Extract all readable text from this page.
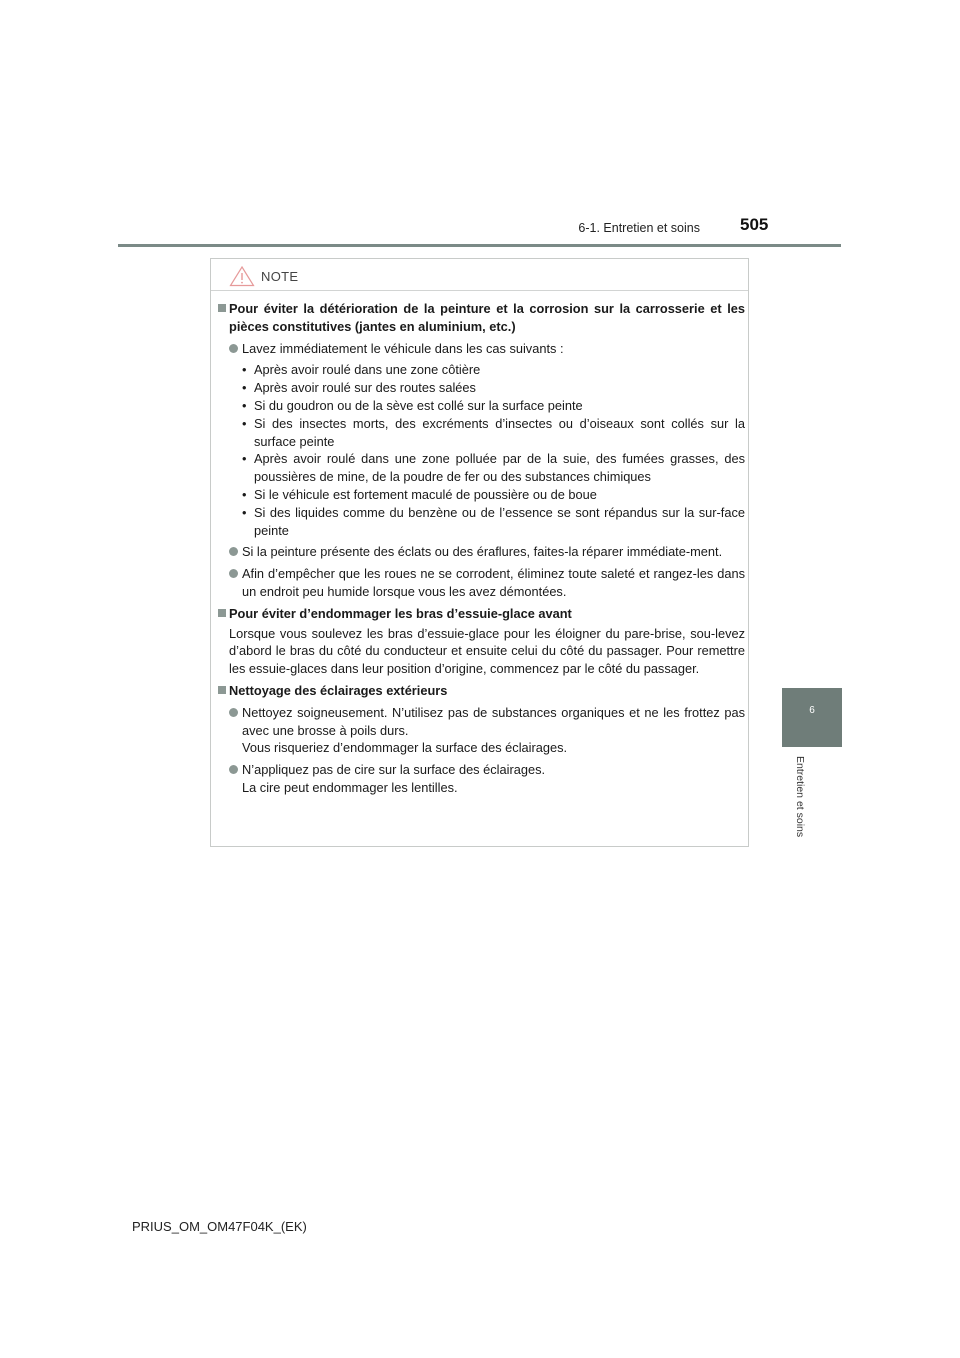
6-1. Entretien et soins 505
6
Entretien et soins
NOTE
Pour éviter la détérioration de la peinture et la corrosion sur la carrosserie et les pièces constitutives (jantes en aluminium, etc.)
Lavez immédiatement le véhicule dans les cas suivants :
• Après avoir roulé dans une zone côtière
• Après avoir roulé sur des routes salées
• Si du goudron ou de la sève est collé sur la surface peinte
• Si des insectes morts, des excréments d’insectes ou d’oiseaux sont collés sur la surface peinte
• Après avoir roulé dans une zone polluée par de la suie, des fumées grasses, des poussières de mine, de la poudre de fer ou des substances chimiques
• Si le véhicule est fortement maculé de poussière ou de boue
• Si des liquides comme du benzène ou de l’essence se sont répandus sur la sur-face peinte
Si la peinture présente des éclats ou des éraflures, faites-la réparer immédiate-ment.
Afin d’empêcher que les roues ne se corrodent, éliminez toute saleté et rangez-les dans un endroit peu humide lorsque vous les avez démontées.
Pour éviter d’endommager les bras d’essuie-glace avant
Lorsque vous soulevez les bras d’essuie-glace pour les éloigner du pare-brise, sou-levez d’abord le bras du côté du conducteur et ensuite celui du côté du passager. Pour remettre les essuie-glaces dans leur position d’origine, commencez par le côté du passager.
Nettoyage des éclairages extérieurs
Nettoyez soigneusement. N’utilisez pas de substances organiques et ne les frottez pas avec une brosse à poils durs.
Vous risqueriez d’endommager la surface des éclairages.
N’appliquez pas de cire sur la surface des éclairages.
La cire peut endommager les lentilles.
PRIUS_OM_OM47F04K_(EK)
